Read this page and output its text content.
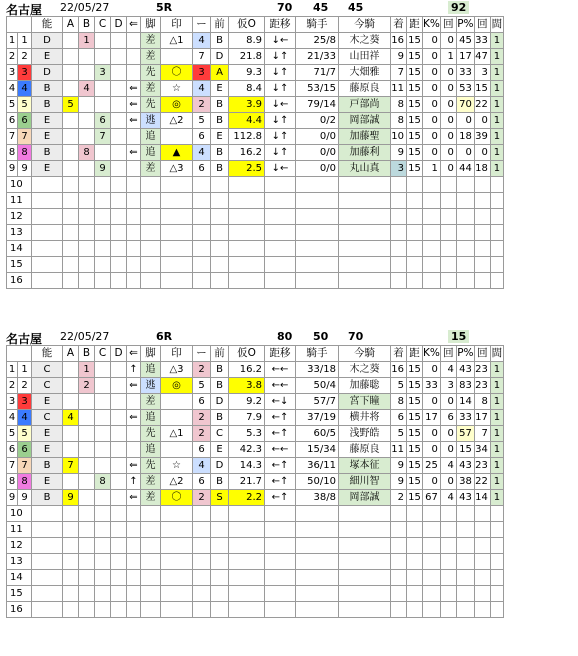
名古屋 22/05/27	5R	70 45 45	92
		能	A	B	C	D	⇐	脚	印	ー	前	仮O	距移	騎手	今騎	着	距	K%	回	P%	回	閊
1	1	D		1				差	△1	4	B	8.9	↓←	25/8	木之葵	16	15	0	0	45	33	1
2	2	E						差		7	D	21.8	↓↑	21/33	山田祥	9	15	0	1	17	47	1
3	3	D			3			先	〇	3	A	9.3	↓↑	71/7	大畑雅	7	15	0	0	33	3	1
4	4	B		4			⇐	差	☆	4	E	8.4	↓↑	53/15	藤原良	11	15	0	0	53	15	1
5	5	B	5				⇐	先	◎	2	B	3.9	↓←	79/14	戸部尚	8	15	0	0	70	22	1
6	6	E			6		⇐	逃	△2	5	B	4.4	↓↑	0/2	岡部誠	8	15	0	0	0	0	1
7	7	E			7			追		6	E	112.8	↓↑	0/0	加藤聖	10	15	0	0	18	39	1
8	8	B		8			⇐	追	▲	4	B	16.2	↓↑	0/0	加藤利	9	15	0	0	0	0	1
9	9	E			9			差	△3	6	B	2.5	↓←	0/0	丸山真	3	15	1	0	44	18	1
10																						
11																						
12																						
13																						
14																						
15																						
16																						
名古屋 22/05/27	6R	80 50 70	15
		能	A	B	C	D	⇐	脚	印	ー	前	仮O	距移	騎手	今騎	着	距	K%	回	P%	回	閊
1	1	C		1			↑	追	△3	2	B	16.2	←←	33/18	木之葵	16	15	0	4	43	23	1
2	2	C		2			⇐	逃	◎	5	B	3.8	←←	50/4	加藤聡	5	15	33	3	83	23	1
3	3	E						差		6	D	9.2	←↓	57/7	宮下瞳	8	15	0	0	14	8	1
4	4	C	4				⇐	追		2	B	7.9	←↑	37/19	横井将	6	15	17	6	33	17	1
5	5	E						先	△1	2	C	5.3	←↑	60/5	浅野皓	5	15	0	0	57	7	1
6	6	E						追		6	E	42.3	←←	15/34	藤原良	11	15	0	0	15	34	1
7	7	B	7				⇐	先	☆	4	D	14.3	←↑	36/11	塚本征	9	15	25	4	43	23	1
8	8	E			8		↑	差	△2	6	B	21.7	←↑	50/10	細川智	9	15	0	0	38	22	1
9	9	B	9				⇐	差	〇	2	S	2.2	←↑	38/8	岡部誠	2	15	67	4	43	14	1
10																						
11																						
12																						
13																						
14																						
15																						
16																						
